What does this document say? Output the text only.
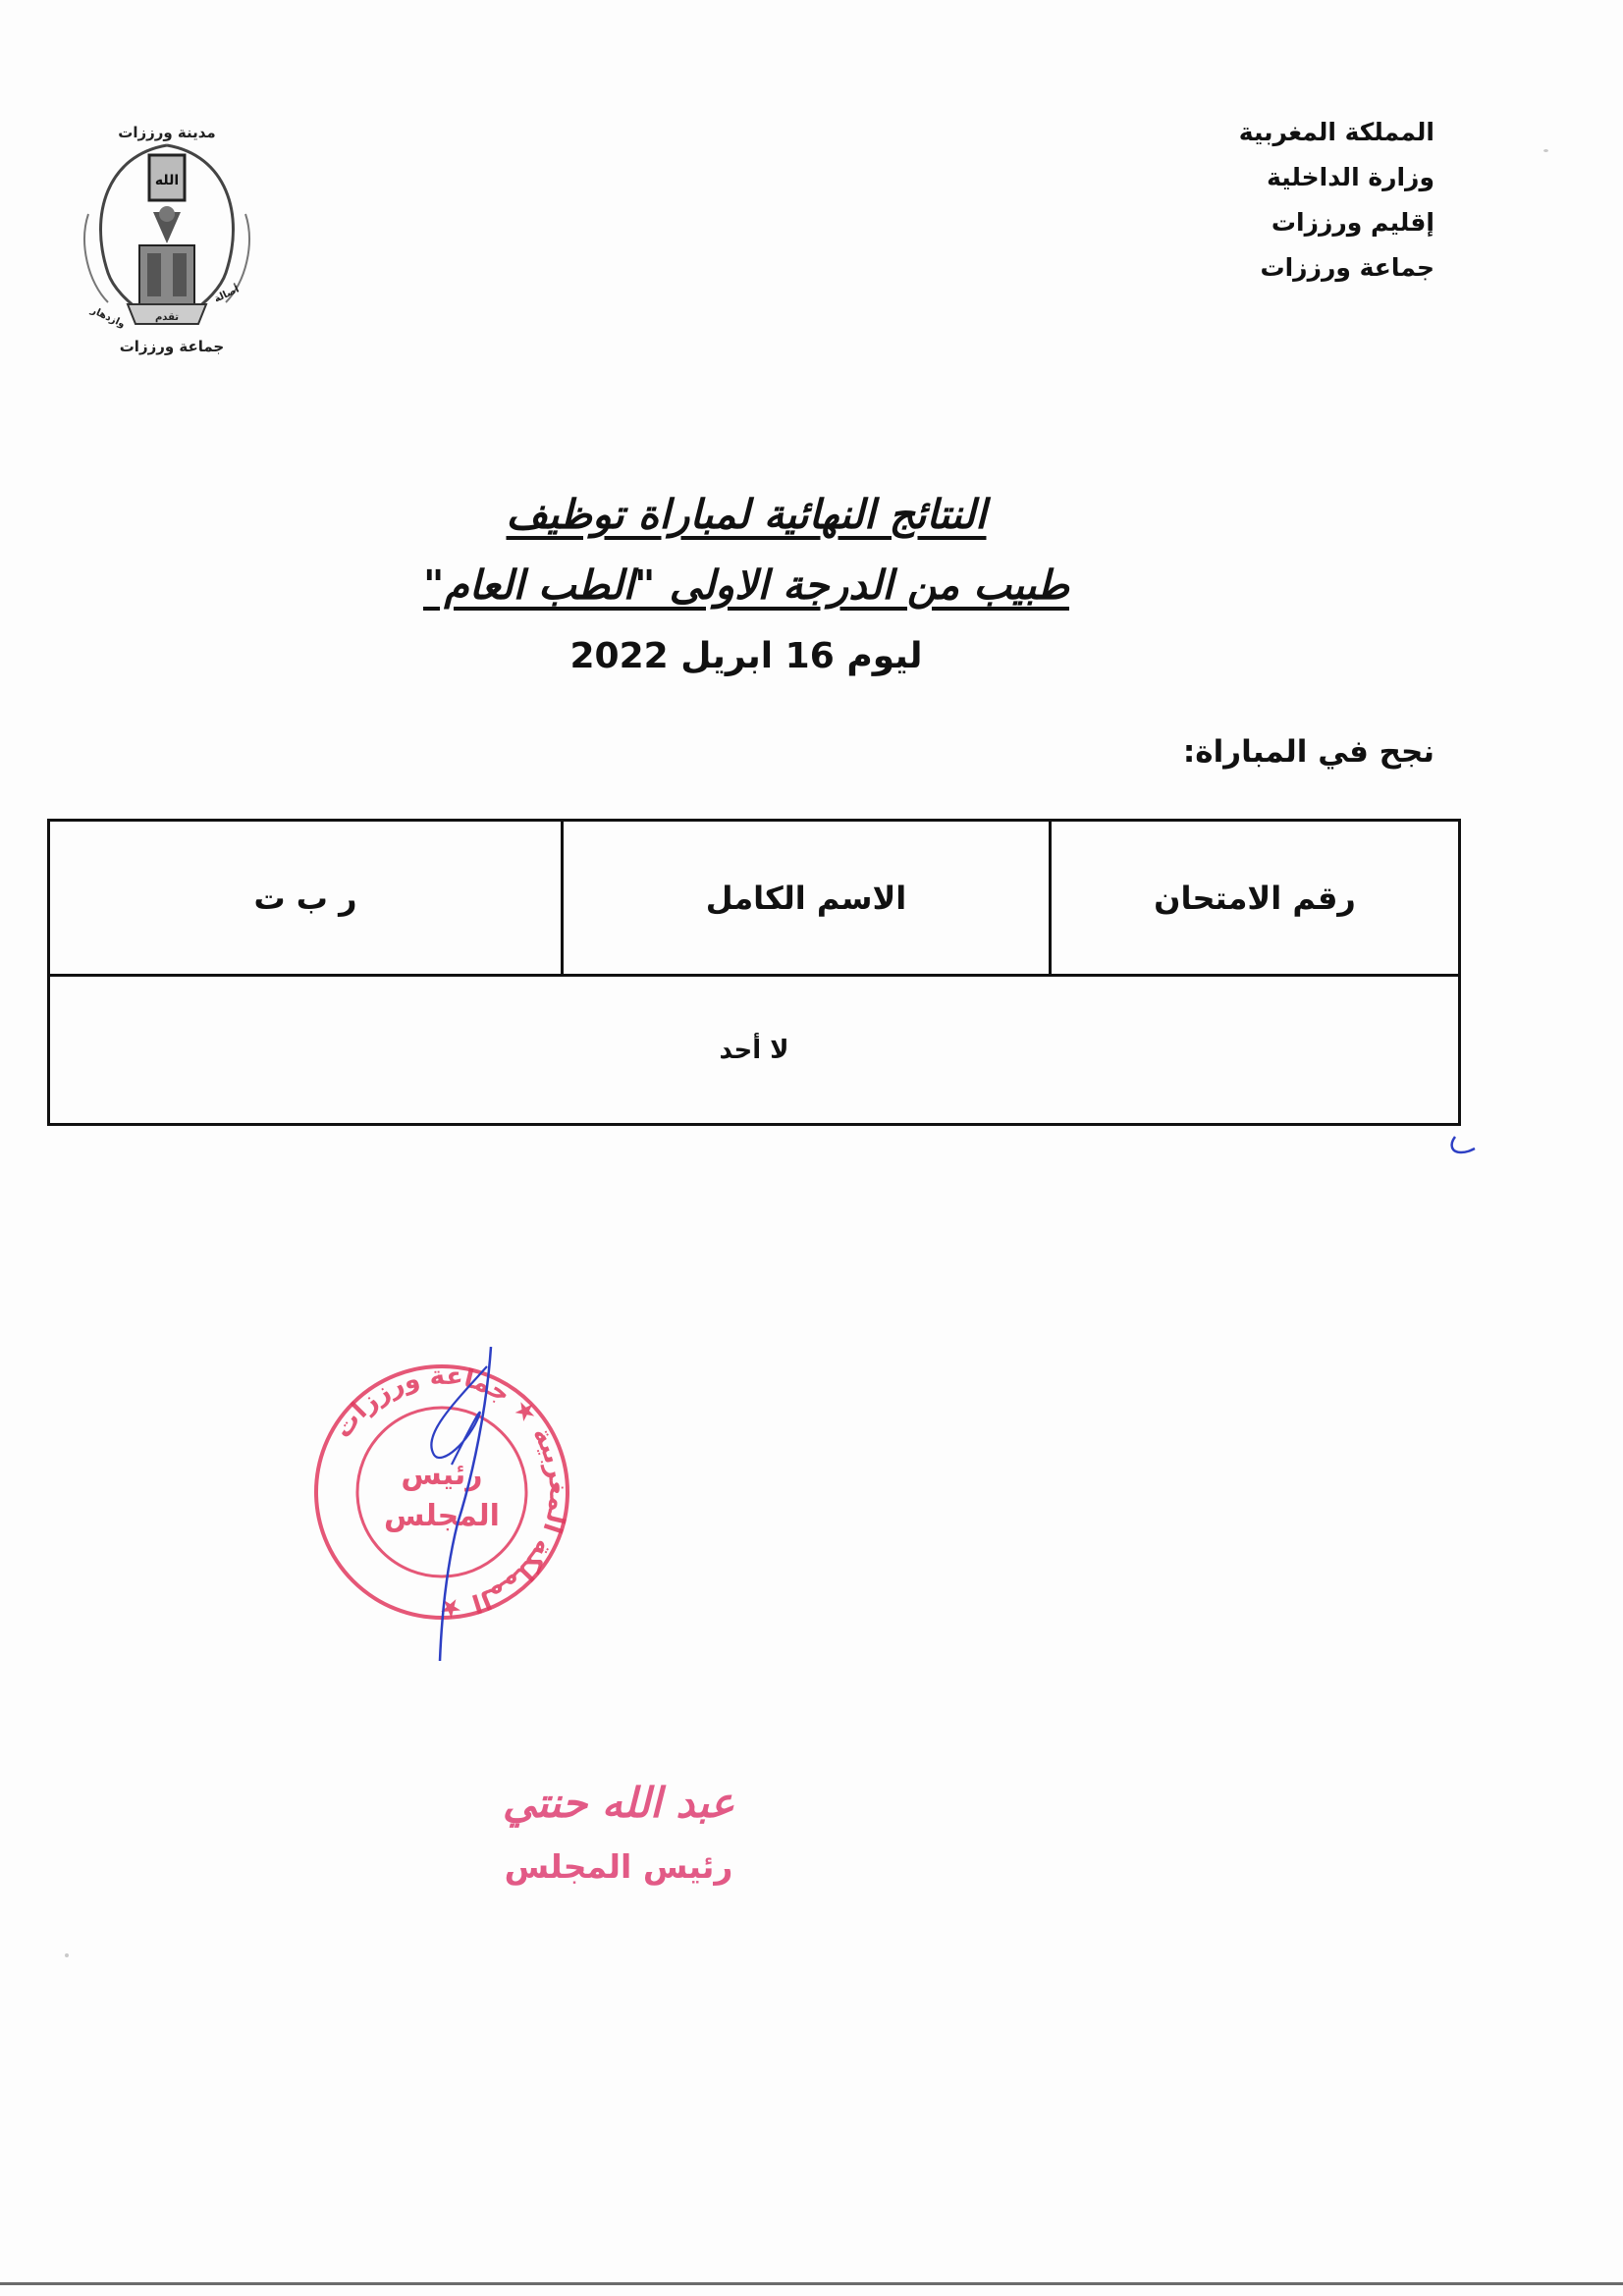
المملكة المغربية
وزارة الداخلية
إقليم ورززات
جماعة ورززات
مدينة ورززات
الله
وازدهار	تقدم
أصالة
جماعة ورززات
النتائج النهائية لمباراة توظيف
طبيب من الدرجة الاولى "الطب العام"
ليوم 16 ابريل 2022
نجح في المباراة:
رقم الامتحان	الاسم الكامل	ر ب ت
لا أحد
المملكة المغربية ★ جماعة ورززات ★
رئيس
المجلس
عبد الله حنتي
رئيس المجلس
